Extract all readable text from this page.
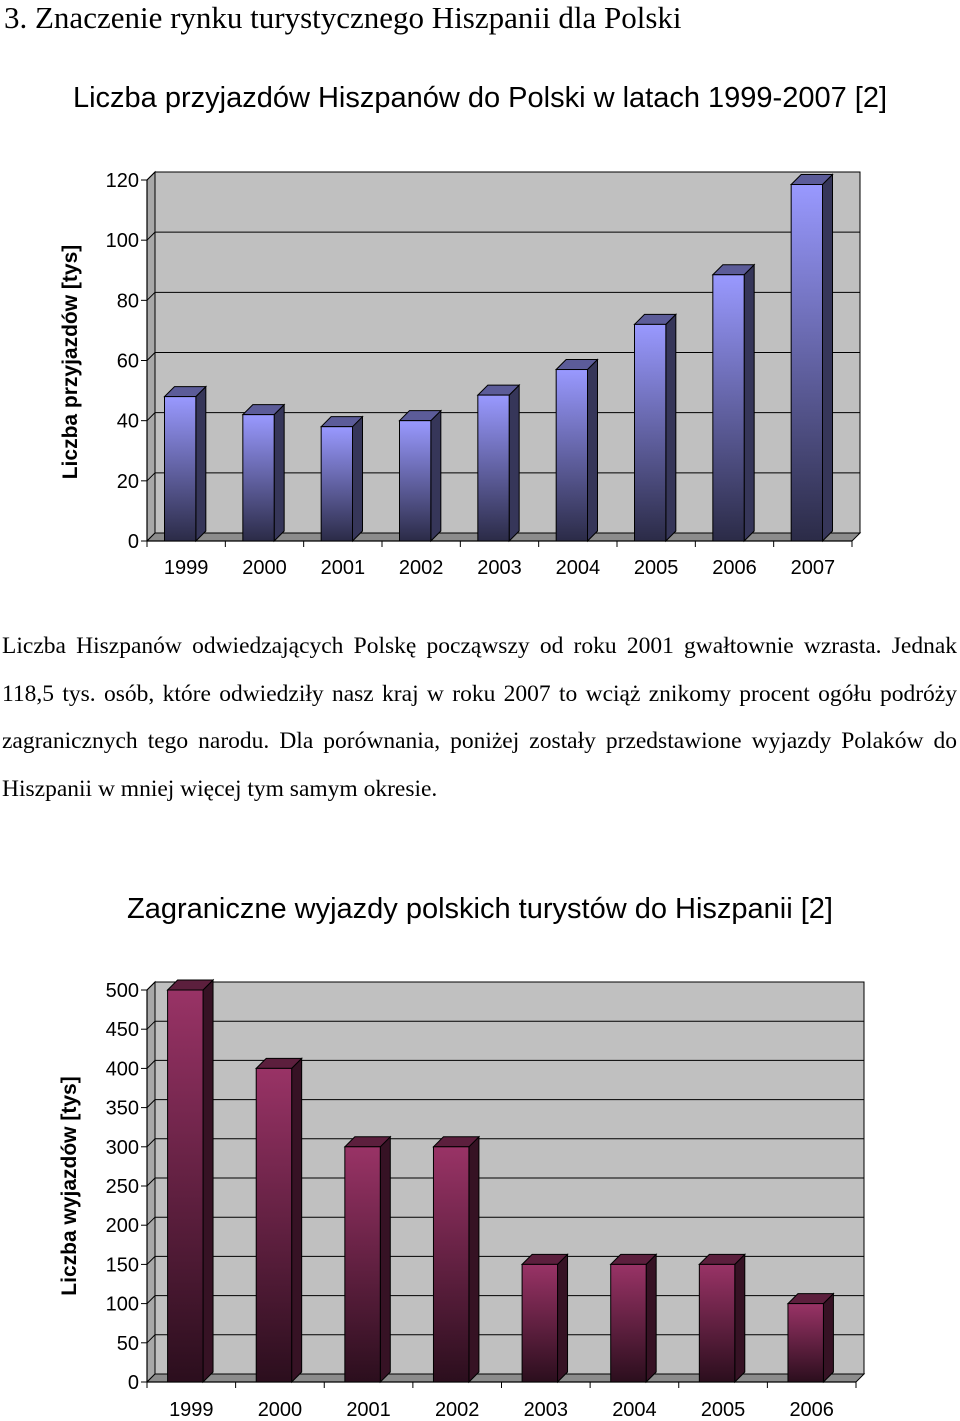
3. Znaczenie rynku turystycznego Hiszpanii dla Polski
Liczba przyjazdów Hiszpanów do Polski w latach 1999-2007 [2]
0
20
40
60
80
100
120
1999 2000 2001 2002 2003 2004 2005 2006 2007
Liczba przyjazdów [tys]
Liczba Hiszpanów odwiedzających Polskę począwszy od roku 2001 gwałtownie wzrasta. Jednak 118,5 tys. osób, które odwiedziły nasz kraj w roku 2007 to wciąż znikomy procent ogółu podróży zagranicznych tego narodu. Dla porównania, poniżej zostały przedstawione wyjazdy Polaków do Hiszpanii w mniej więcej tym samym okresie.
Zagraniczne wyjazdy polskich turystów do Hiszpanii [2]
0
50
100
150
200
250
300
350
400
450
500
1999 2000 2001 2002 2003 2004 2005 2006
Liczba wyjazdów [tys]
